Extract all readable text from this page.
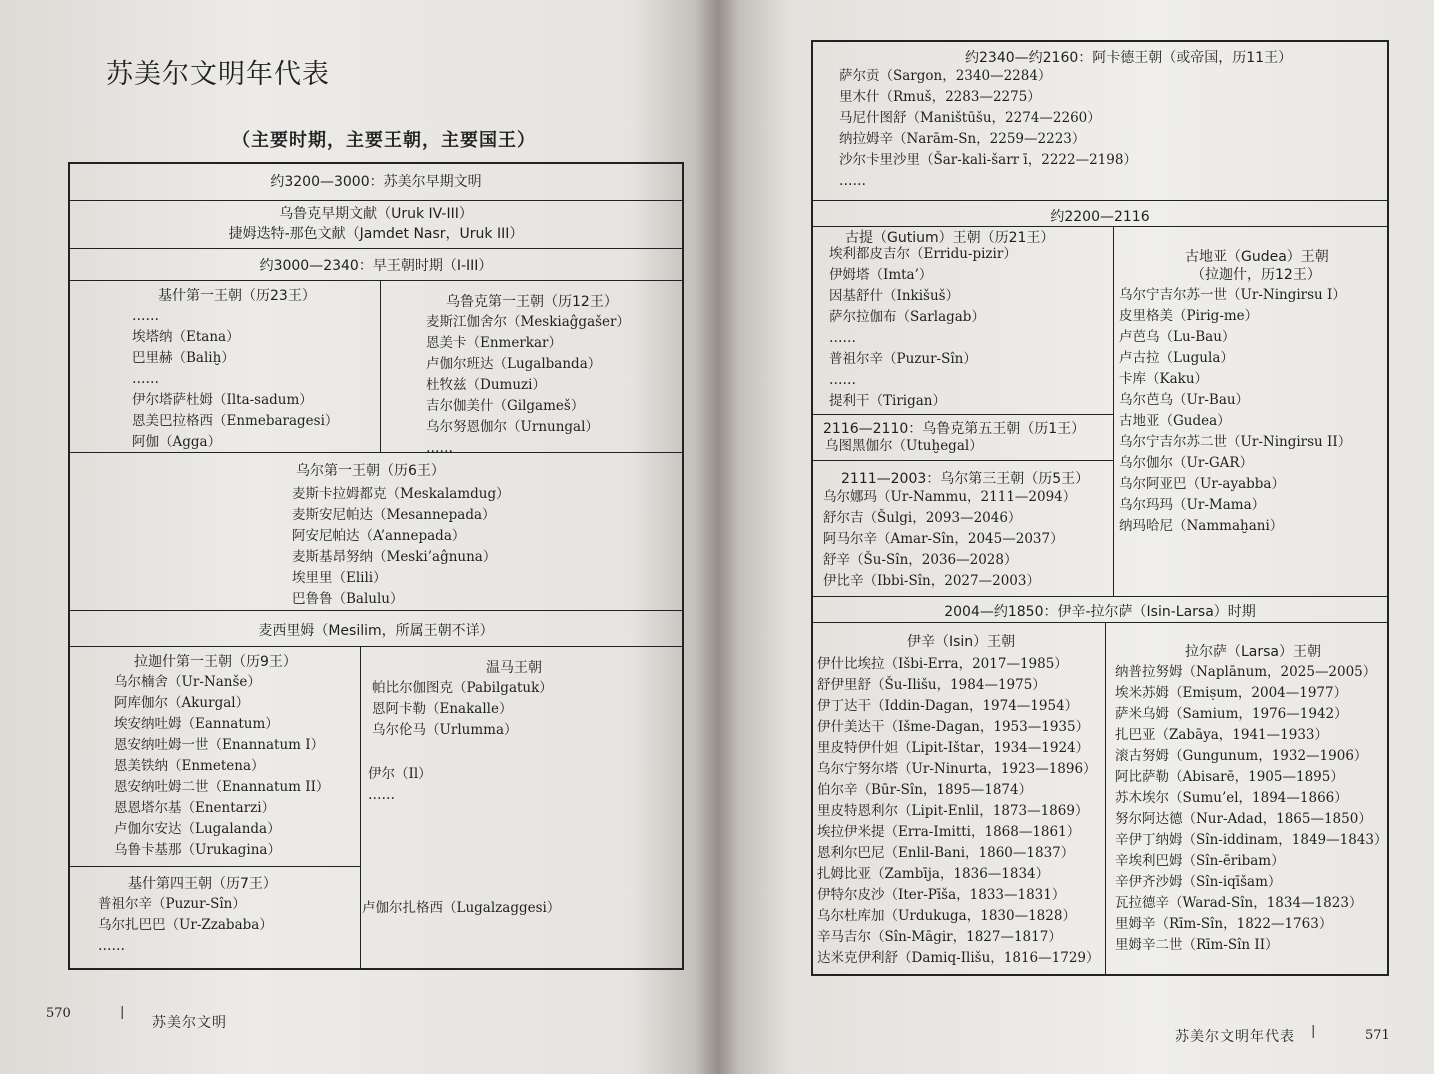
苏美尔文明年代表
（主要时期，主要王朝，主要国王）
约3200—3000：苏美尔早期文明
乌鲁克早期文献（Uruk IV-III）
捷姆迭特-那色文献（Jamdet Nasr，Uruk III）
约3000—2340：早王朝时期（I-III）
基什第一王朝（历23王）
……
埃塔纳（Etana）
巴里赫（Baliḫ）
……
伊尔塔萨杜姆（Ilta-sadum）
恩美巴拉格西（Enmebaragesi）
阿伽（Agga）
乌鲁克第一王朝（历12王）
麦斯江伽舍尔（Meskiaĝgašer）
恩美卡（Enmerkar）
卢伽尔班达（Lugalbanda）
杜牧兹（Dumuzi）
吉尔伽美什（Gilgameš）
乌尔努恩伽尔（Urnungal）
……
乌尔第一王朝（历6王）
麦斯卡拉姆都克（Meskalamdug）
麦斯安尼帕达（Mesannepada）
阿安尼帕达（A’annepada）
麦斯基昂努纳（Meski’aĝnuna）
埃里里（Elili）
巴鲁鲁（Balulu）
麦西里姆（Mesilim，所属王朝不详）
拉迦什第一王朝（历9王）
乌尔楠舍（Ur-Nanše）
阿库伽尔（Akurgal）
埃安纳吐姆（Eannatum）
恩安纳吐姆一世（Enannatum I）
恩美铁纳（Enmetena）
恩安纳吐姆二世（Enannatum II）
恩恩塔尔基（Enentarzi）
卢伽尔安达（Lugalanda）
乌鲁卡基那（Urukagina）
基什第四王朝（历7王）
普祖尔辛（Puzur-Sîn）
乌尔扎巴巴（Ur-Zzababa）
……
温马王朝
帕比尔伽图克（Pabilgatuk）
恩阿卡勒（Enakalle）
乌尔伦马（Urlumma）
伊尔（Il）
……
卢伽尔扎格西（Lugalzaggesi）
570	|
苏美尔文明
约2340—约2160：阿卡德王朝（或帝国，历11王）
萨尔贡（Sargon，2340—2284）
里木什（Rmuš，2283—2275）
马尼什图舒（Maništūšu，2274—2260）
纳拉姆辛（Narām-Sn，2259—2223）
沙尔卡里沙里（Šar-kali-šarr ī，2222—2198）
……
约2200—2116
古提（Gutium）王朝（历21王）
埃利都皮吉尔（Erridu-pizir）
伊姆塔（Imta’）
因基舒什（Inkišuš）
萨尔拉伽布（Sarlagab）
……
普祖尔辛（Puzur-Sîn）
……
提利干（Tirigan）
2116—2110：乌鲁克第五王朝（历1王）
乌图黑伽尔（Utuḫegal）
2111—2003：乌尔第三王朝（历5王）
乌尔娜玛（Ur-Nammu，2111—2094）
舒尔吉（Šulgi，2093—2046）
阿马尔辛（Amar-Sîn，2045—2037）
舒辛（Šu-Sîn，2036—2028）
伊比辛（Ibbi-Sîn，2027—2003）
古地亚（Gudea）王朝
（拉迦什，历12王）
乌尔宁吉尔苏一世（Ur-Ningirsu I）
皮里格美（Pirig-me）
卢芭乌（Lu-Bau）
卢古拉（Lugula）
卡库（Kaku）
乌尔芭乌（Ur-Bau）
古地亚（Gudea）
乌尔宁吉尔苏二世（Ur-Ningirsu II）
乌尔伽尔（Ur-GAR）
乌尔阿亚巴（Ur-ayabba）
乌尔玛玛（Ur-Mama）
纳玛哈尼（Nammaḫani）
2004—约1850：伊辛-拉尔萨（Isin-Larsa）时期
伊辛（Isin）王朝
伊什比埃拉（Išbi-Erra，2017—1985）
舒伊里舒（Šu-Ilišu，1984—1975）
伊丁达干（Iddin-Dagan，1974—1954）
伊什美达干（Išme-Dagan，1953—1935）
里皮特伊什妲（Lipit-Ištar，1934—1924）
乌尔宁努尔塔（Ur-Ninurta，1923—1896）
伯尔辛（Būr-Sîn，1895—1874）
里皮特恩利尔（Lipit-Enlil，1873—1869）
埃拉伊米提（Erra-Imitti，1868—1861）
恩利尔巴尼（Enlil-Bani，1860—1837）
扎姆比亚（Zambīja，1836—1834）
伊特尔皮沙（Iter-Pīša，1833—1831）
乌尔杜库加（Urdukuga，1830—1828）
辛马吉尔（Sîn-Māgir，1827—1817）
达米克伊利舒（Damiq-Ilišu，1816—1729）
拉尔萨（Larsa）王朝
纳普拉努姆（Naplānum，2025—2005）
埃米苏姆（Emiṣum，2004—1977）
萨米乌姆（Samium，1976—1942）
扎巴亚（Zabāya，1941—1933）
滚古努姆（Gungunum，1932—1906）
阿比萨勒（Abisarē，1905—1895）
苏木埃尔（Sumu’el，1894—1866）
努尔阿达德（Nur-Adad，1865—1850）
辛伊丁纳姆（Sîn-iddinam，1849—1843）
辛埃利巴姆（Sîn-ēribam）
辛伊齐沙姆（Sîn-iqīšam）
瓦拉德辛（Warad-Sîn，1834—1823）
里姆辛（Rīm-Sîn，1822—1763）
里姆辛二世（Rīm-Sîn II）
苏美尔文明年代表 |	571
